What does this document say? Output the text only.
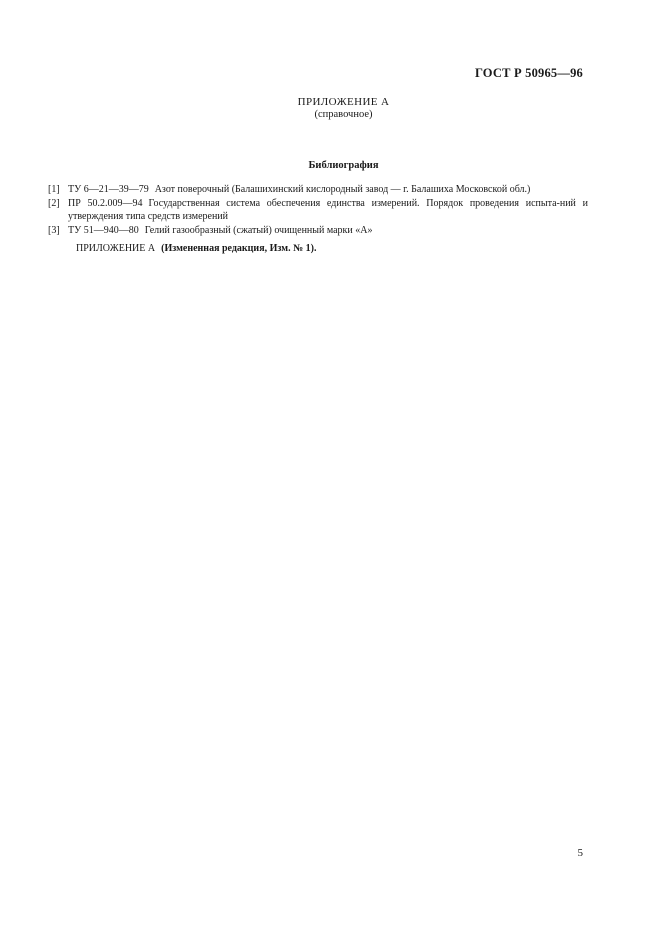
ГОСТ Р 50965—96
ПРИЛОЖЕНИЕ А
(справочное)
Библиография
[1] ТУ 6—21—39—79 Азот поверочный (Балашихинский кислородный завод — г. Балашиха Московской обл.)
[2] ПР 50.2.009—94 Государственная система обеспечения единства измерений. Порядок проведения испыта-ний и утверждения типа средств измерений
[3] ТУ 51—940—80 Гелий газообразный (сжатый) очищенный марки «А»
ПРИЛОЖЕНИЕ А (Измененная редакция, Изм. № 1).
5
